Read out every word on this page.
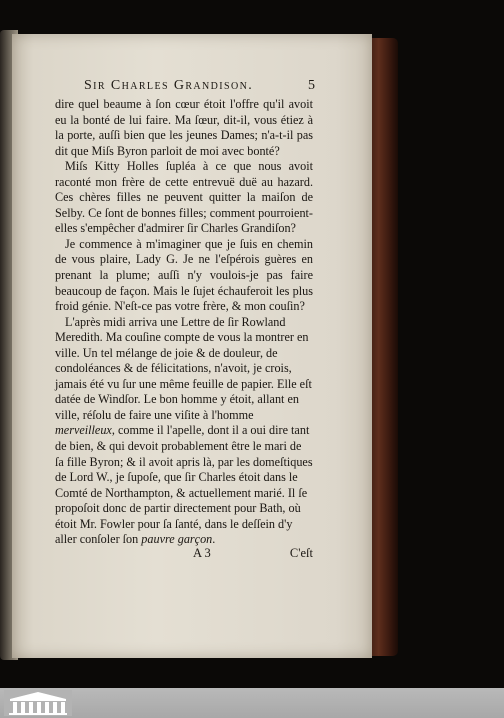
Sir Charles Grandison.	5

dire quel beaume à ſon cœur étoit l'offre qu'il avoit eu la bonté de lui faire. Ma ſœur, dit-il, vous étiez à la porte, auſſi bien que les jeunes Dames; n'a-t-il pas dit que Miſs Byron parloit de moi avec bonté?

Miſs Kitty Holles ſupléa à ce que nous avoit raconté mon frère de cette entrevuë duë au hazard. Ces chères filles ne peuvent quitter la maiſon de Selby. Ce ſont de bonnes filles; comment pourroient-elles s'empêcher d'admirer ſir Charles Grandiſon?

Je commence à m'imaginer que je ſuis en chemin de vous plaire, Lady G. Je ne l'eſpérois guères en prenant la plume; auſſi n'y voulois-je pas faire beaucoup de façon. Mais le ſujet échauferoit les plus froid génie. N'eſt-ce pas votre frère, & mon couſin?

L'après midi arriva une Lettre de ſir Rowland Meredith. Ma couſine compte de vous la montrer en ville. Un tel mélange de joie & de douleur, de condoléances & de félicitations, n'avoit, je crois, jamais été vu ſur une même feuille de papier. Elle eſt datée de Windſor. Le bon homme y étoit, allant en ville, réſolu de faire une viſite à l'homme merveilleux, comme il l'apelle, dont il a oui dire tant de bien, & qui devoit probablement être le mari de ſa fille Byron; & il avoit apris là, par les domeſtiques de Lord W., je ſupoſe, que ſir Charles étoit dans le Comté de Northampton, & actuellement marié. Il ſe propoſoit donc de partir directement pour Bath, où étoit Mr. Fowler pour ſa ſanté, dans le deſſein d'y aller conſoler ſon pauvre garçon.

A 3	C'eſt
